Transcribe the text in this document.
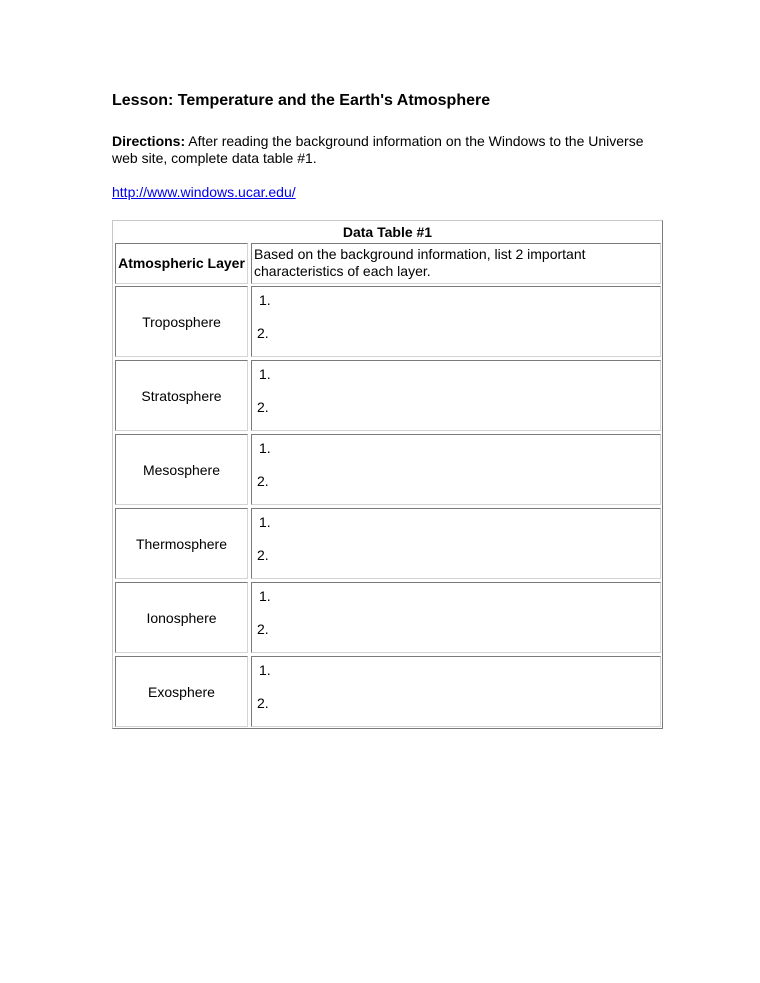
Lesson: Temperature and the Earth's Atmosphere
Directions: After reading the background information on the Windows to the Universe web site, complete data table #1.
http://www.windows.ucar.edu/
Data Table #1
Atmospheric Layer
Based on the background information, list 2 important characteristics of each layer.
Troposphere
1.
2.
Stratosphere
1.
2.
Mesosphere
1.
2.
Thermosphere
1.
2.
Ionosphere
1.
2.
Exosphere
1.
2.
